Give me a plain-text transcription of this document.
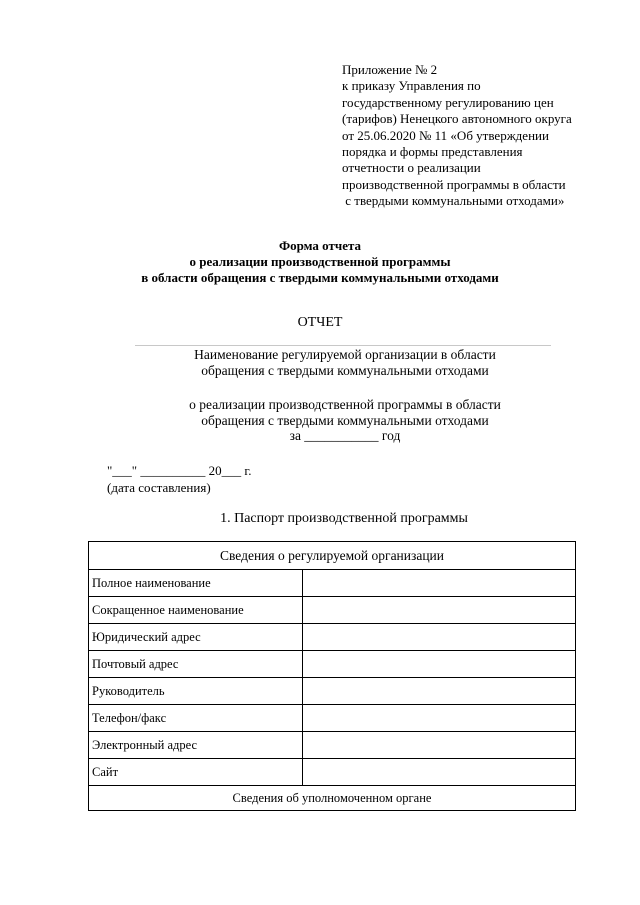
Приложение № 2
к приказу Управления по
государственному регулированию цен
(тарифов) Ненецкого автономного округа
от 25.06.2020 № 11 «Об утверждении
порядка и формы представления
отчетности о реализации
производственной программы в области
с твердыми коммунальными отходами»
Форма отчета
о реализации производственной программы
в области обращения с твердыми коммунальными отходами
ОТЧЕТ
Наименование регулируемой организации в области
обращения с твердыми коммунальными отходами
о реализации производственной программы в области
обращения с твердыми коммунальными отходами
за ___________ год
"___" __________ 20___ г.
(дата составления)
1. Паспорт производственной программы
Сведения о регулируемой организации	
Полное наименование	
Сокращенное наименование	
Юридический адрес	
Почтовый адрес	
Руководитель	
Телефон/факс	
Электронный адрес	
Сайт	
Сведения об уполномоченном органе	
